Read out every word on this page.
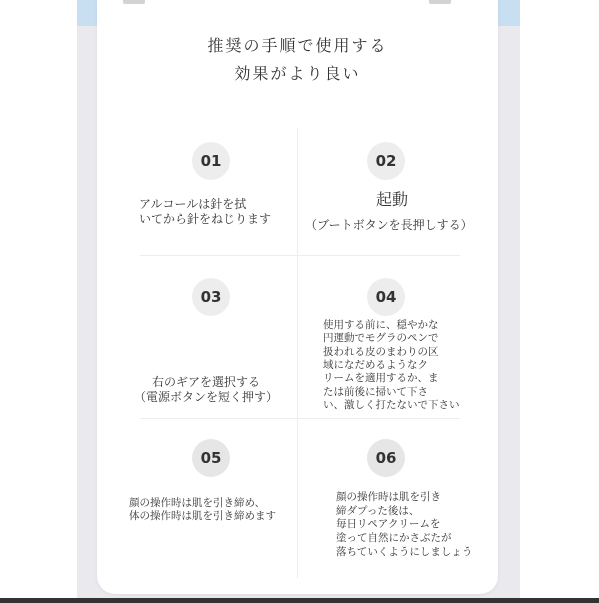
推奨の手順で使用する
効果がより良い
01
アルコールは針を拭
いてから針をねじります
02
起動
（ブートボタンを長押しする）
03
右のギアを選択する
（電源ボタンを短く押す）
04
使用する前に、穏やかな
円運動でモグラのペンで
扱われる皮のまわりの区
域になだめるようなク
リームを適用するか、ま
たは前後に掃いて下さ
い、激しく打たないで下さい
05
顔の操作時は肌を引き締め、
体の操作時は肌を引き締めます
06
顔の操作時は肌を引き
締ダプった後は、
毎日リペアクリームを
塗って自然にかさぶたが
落ちていくようにしましょう
